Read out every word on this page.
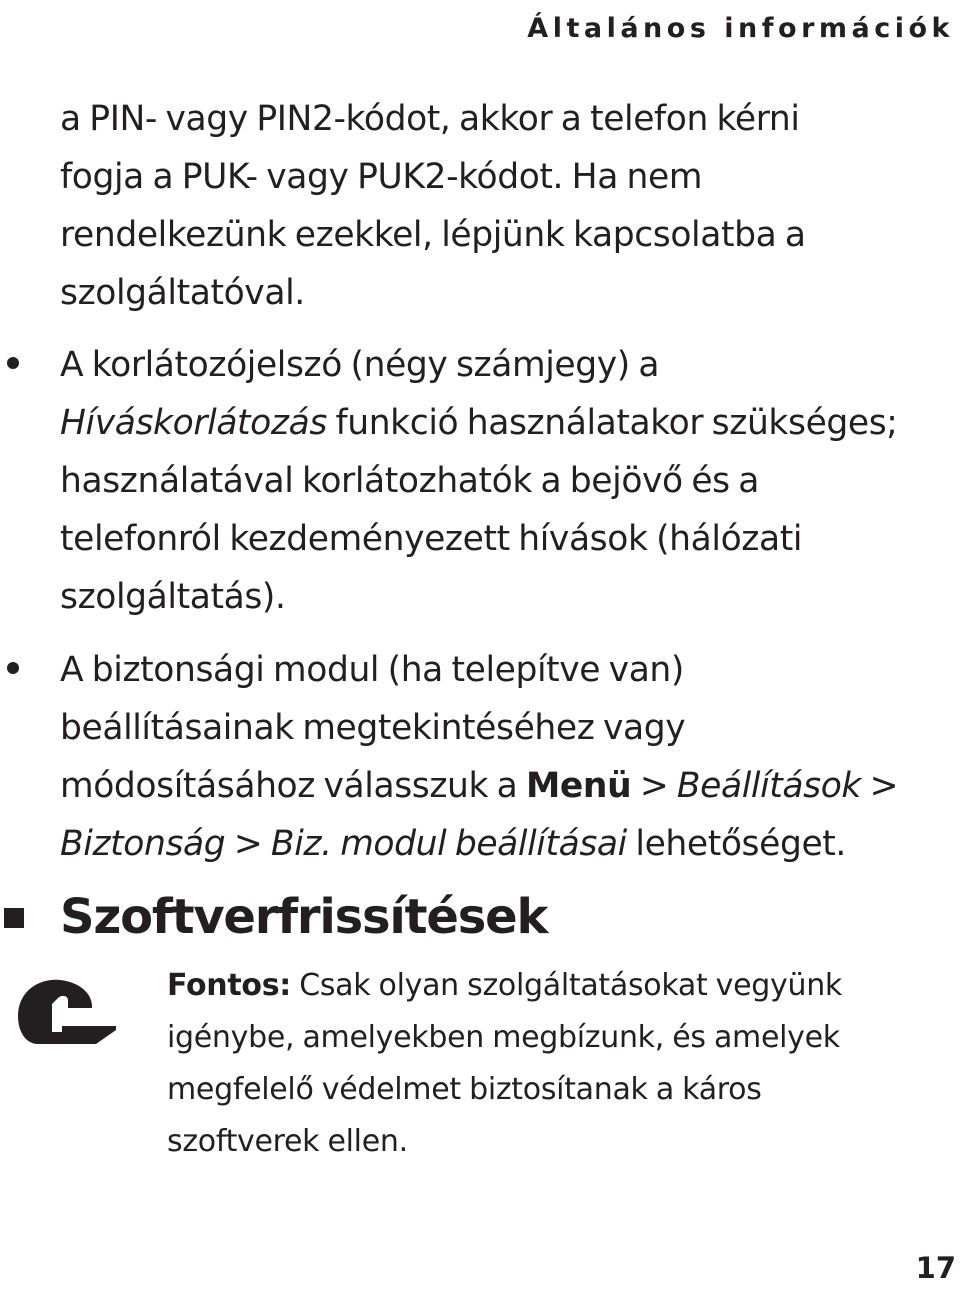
Általános információk
a PIN- vagy PIN2-kódot, akkor a telefon kérni
fogja a PUK- vagy PUK2-kódot. Ha nem
rendelkezünk ezekkel, lépjünk kapcsolatba a
szolgáltatóval.
A korlátozójelszó (négy számjegy) a
Híváskorlátozás funkció használatakor szükséges;
használatával korlátozhatók a bejövő és a
telefonról kezdeményezett hívások (hálózati
szolgáltatás).
A biztonsági modul (ha telepítve van)
beállításainak megtekintéséhez vagy
módosításához válasszuk a Menü > Beállítások >
Biztonság > Biz. modul beállításai lehetőséget.
Szoftverfrissítések
Fontos: Csak olyan szolgáltatásokat vegyünk
igénybe, amelyekben megbízunk, és amelyek
megfelelő védelmet biztosítanak a káros
szoftverek ellen.
17
